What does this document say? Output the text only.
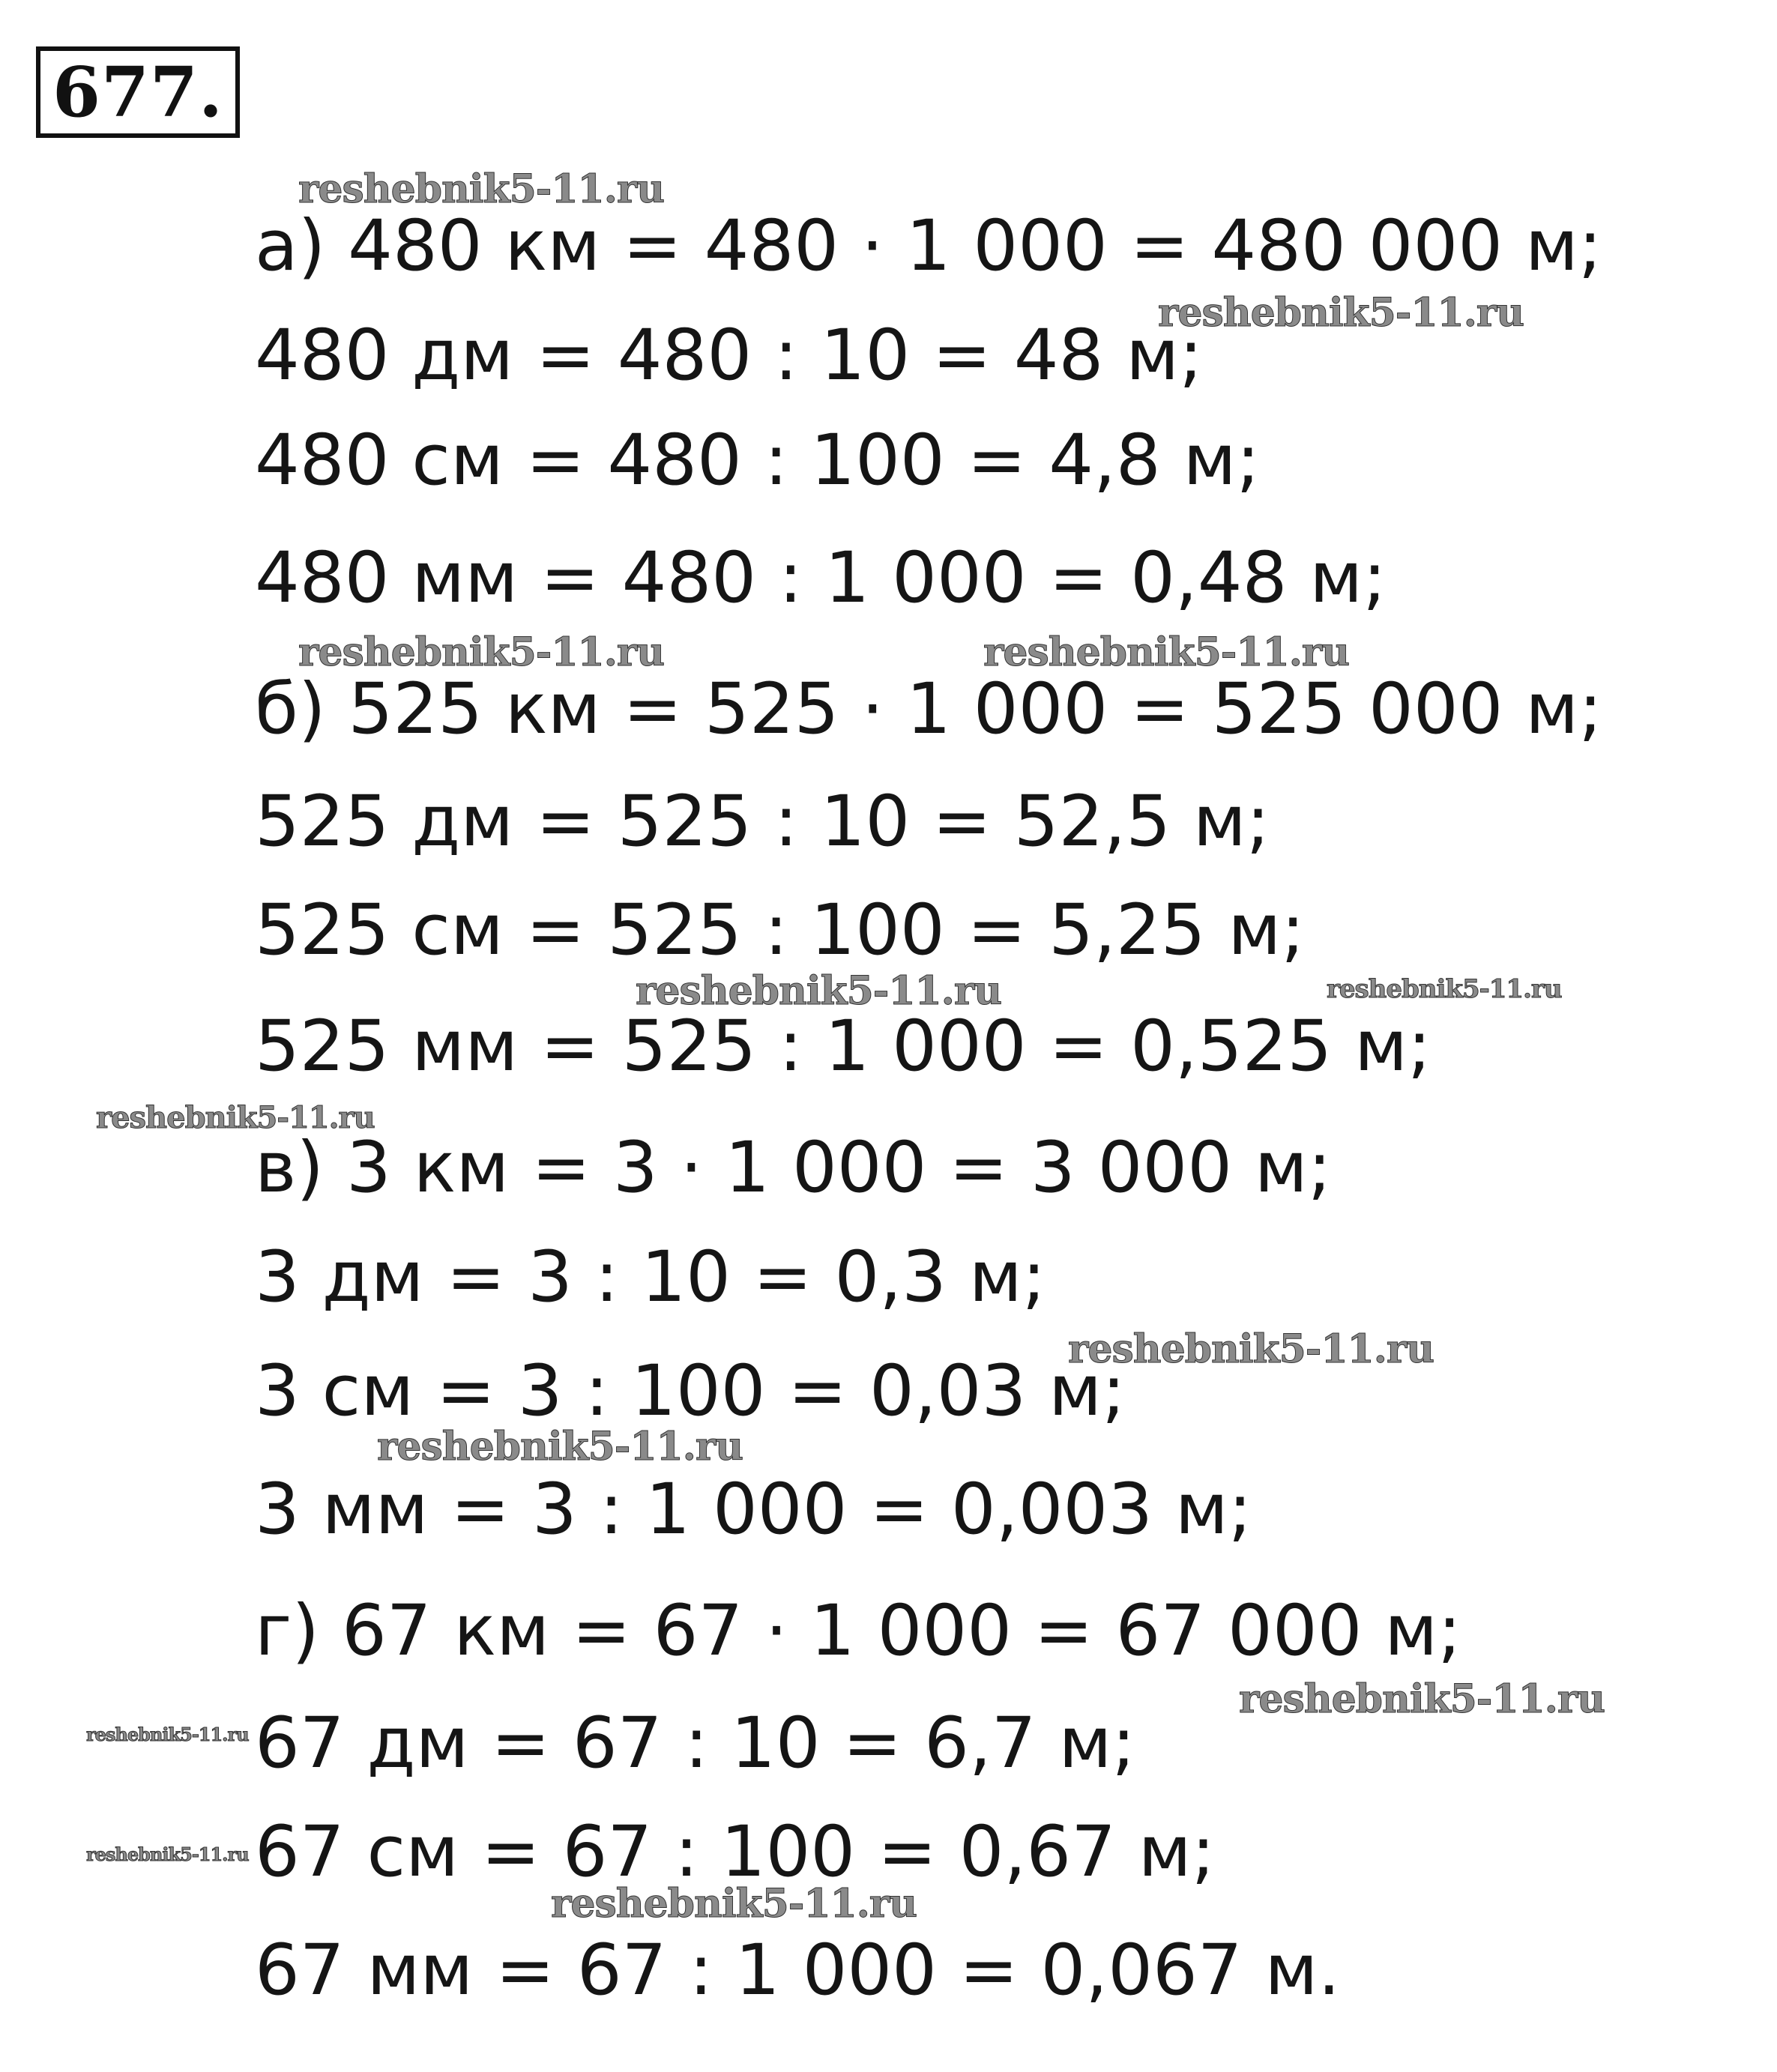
677.
а) 480 км = 480 · 1 000 = 480 000 м;
480 дм = 480 : 10 = 48 м;
480 см = 480 : 100 = 4,8 м;
480 мм = 480 : 1 000 = 0,48 м;
б) 525 км = 525 · 1 000 = 525 000 м;
525 дм = 525 : 10 = 52,5 м;
525 см = 525 : 100 = 5,25 м;
525 мм = 525 : 1 000 = 0,525 м;
в) 3 км = 3 · 1 000 = 3 000 м;
3 дм = 3 : 10 = 0,3 м;
3 см = 3 : 100 = 0,03 м;
3 мм = 3 : 1 000 = 0,003 м;
г) 67 км = 67 · 1 000 = 67 000 м;
67 дм = 67 : 10 = 6,7 м;
67 см = 67 : 100 = 0,67 м;
67 мм = 67 : 1 000 = 0,067 м.
reshebnik5-11.ru
reshebnik5-11.ru
reshebnik5-11.ru	reshebnik5-11.ru
reshebnik5-11.ru	reshebnik5-11.ru
reshebnik5-11.ru
reshebnik5-11.ru
reshebnik5-11.ru
reshebnik5-11.ru
reshebnik5-11.ru
reshebnik5-11.ru
reshebnik5-11.ru
